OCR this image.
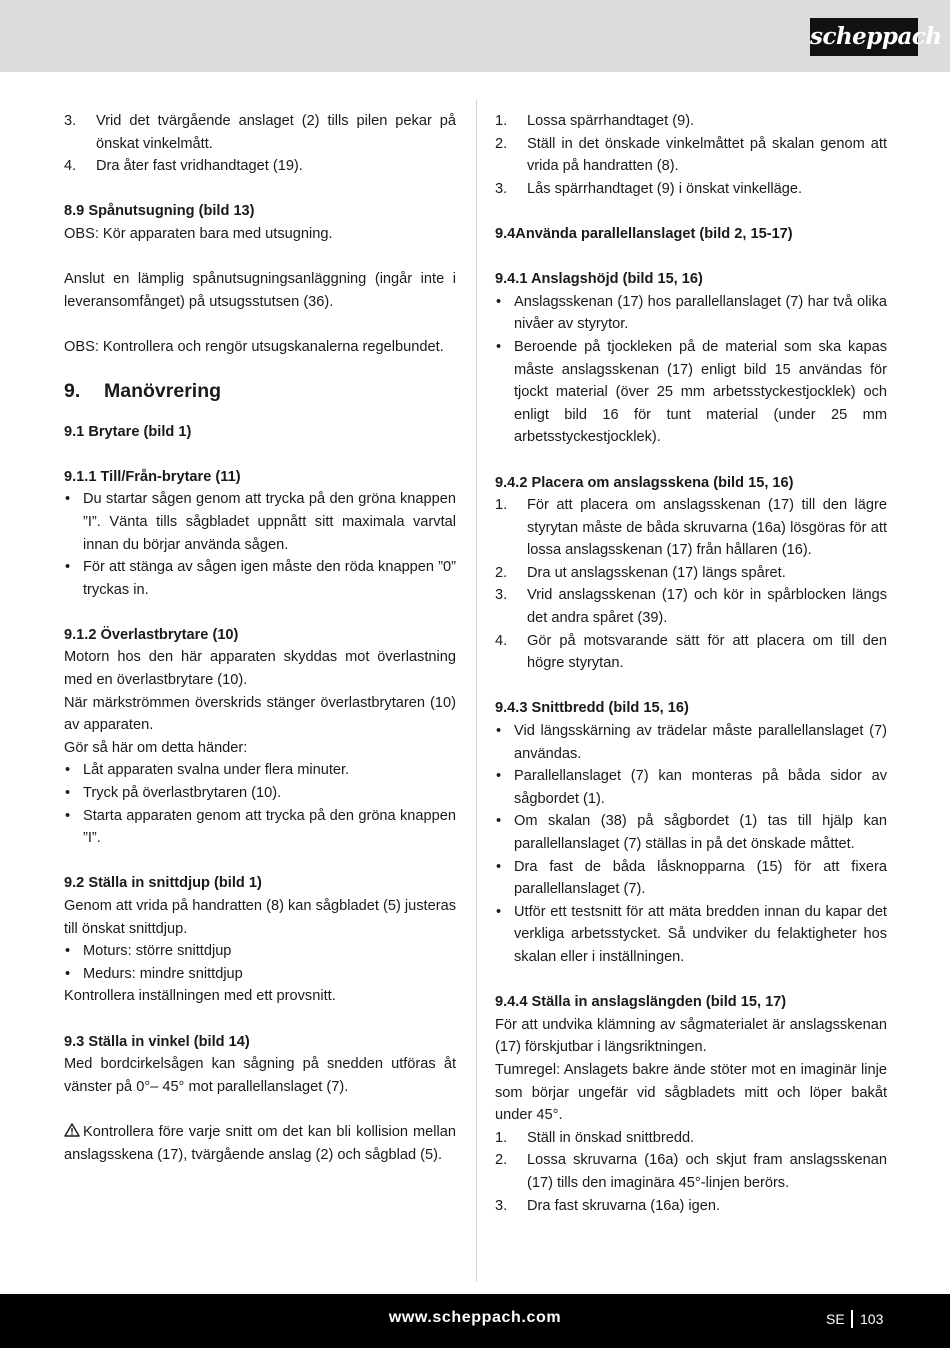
scheppach
3. Vrid det tvärgående anslaget (2) tills pilen pekar på önskat vinkelmått.
4. Dra åter fast vridhandtaget (19).
8.9 Spånutsugning (bild 13)
OBS: Kör apparaten bara med utsugning.
Anslut en lämplig spånutsugningsanläggning (ingår inte i leveransomfånget) på utsugsstutsen (36).
OBS: Kontrollera och rengör utsugskanalerna regelbundet.
9. Manövrering
9.1 Brytare (bild 1)
9.1.1 Till/Från-brytare (11)
• Du startar sågen genom att trycka på den gröna knappen ”I”. Vänta tills sågbladet uppnått sitt maximala varvtal innan du börjar använda sågen.
• För att stänga av sågen igen måste den röda knappen ”0” tryckas in.
9.1.2 Överlastbrytare (10)
Motorn hos den här apparaten skyddas mot överlastning med en överlastbrytare (10).
När märkströmmen överskrids stänger överlastbrytaren (10) av apparaten.
Gör så här om detta händer:
• Låt apparaten svalna under flera minuter.
• Tryck på överlastbrytaren (10).
• Starta apparaten genom att trycka på den gröna knappen ”I”.
9.2 Ställa in snittdjup (bild 1)
Genom att vrida på handratten (8) kan sågbladet (5) justeras till önskat snittdjup.
• Moturs: större snittdjup
• Medurs: mindre snittdjup
Kontrollera inställningen med ett provsnitt.
9.3 Ställa in vinkel (bild 14)
Med bordcirkelsågen kan sågning på snedden utföras åt vänster på 0°– 45° mot parallellanslaget (7).
Kontrollera före varje snitt om det kan bli kollision mellan anslagsskena (17), tvärgående anslag (2) och sågblad (5).
1. Lossa spärrhandtaget (9).
2. Ställ in det önskade vinkelmåttet på skalan genom att vrida på handratten (8).
3. Lås spärrhandtaget (9) i önskat vinkelläge.
9.4Använda parallellanslaget (bild 2, 15-17)
9.4.1 Anslagshöjd (bild 15, 16)
• Anslagsskenan (17) hos parallellanslaget (7) har två olika nivåer av styrytor.
• Beroende på tjockleken på de material som ska kapas måste anslagsskenan (17) enligt bild 15 användas för tjockt material (över 25 mm arbetsstyckestjocklek) och enligt bild 16 för tunt material (under 25 mm arbetsstyckestjocklek).
9.4.2 Placera om anslagsskena (bild 15, 16)
1. För att placera om anslagsskenan (17) till den lägre styrytan måste de båda skruvarna (16a) lösgöras för att lossa anslagsskenan (17) från hållaren (16).
2. Dra ut anslagsskenan (17) längs spåret.
3. Vrid anslagsskenan (17) och kör in spårblocken längs det andra spåret (39).
4. Gör på motsvarande sätt för att placera om till den högre styrytan.
9.4.3 Snittbredd (bild 15, 16)
• Vid längsskärning av trädelar måste parallellanslaget (7) användas.
• Parallellanslaget (7) kan monteras på båda sidor av sågbordet (1).
• Om skalan (38) på sågbordet (1) tas till hjälp kan parallellanslaget (7) ställas in på det önskade måttet.
• Dra fast de båda låsknopparna (15) för att fixera parallellanslaget (7).
• Utför ett testsnitt för att mäta bredden innan du kapar det verkliga arbetsstycket. Så undviker du felaktigheter hos skalan eller i inställningen.
9.4.4 Ställa in anslagslängden (bild 15, 17)
För att undvika klämning av sågmaterialet är anslagsskenan (17) förskjutbar i längsriktningen.
Tumregel: Anslagets bakre ände stöter mot en imaginär linje som börjar ungefär vid sågbladets mitt och löper bakåt under 45°.
1. Ställ in önskad snittbredd.
2. Lossa skruvarna (16a) och skjut fram anslagsskenan (17) tills den imaginära 45°-linjen berörs.
3. Dra fast skruvarna (16a) igen.
www.scheppach.com	SE 103
